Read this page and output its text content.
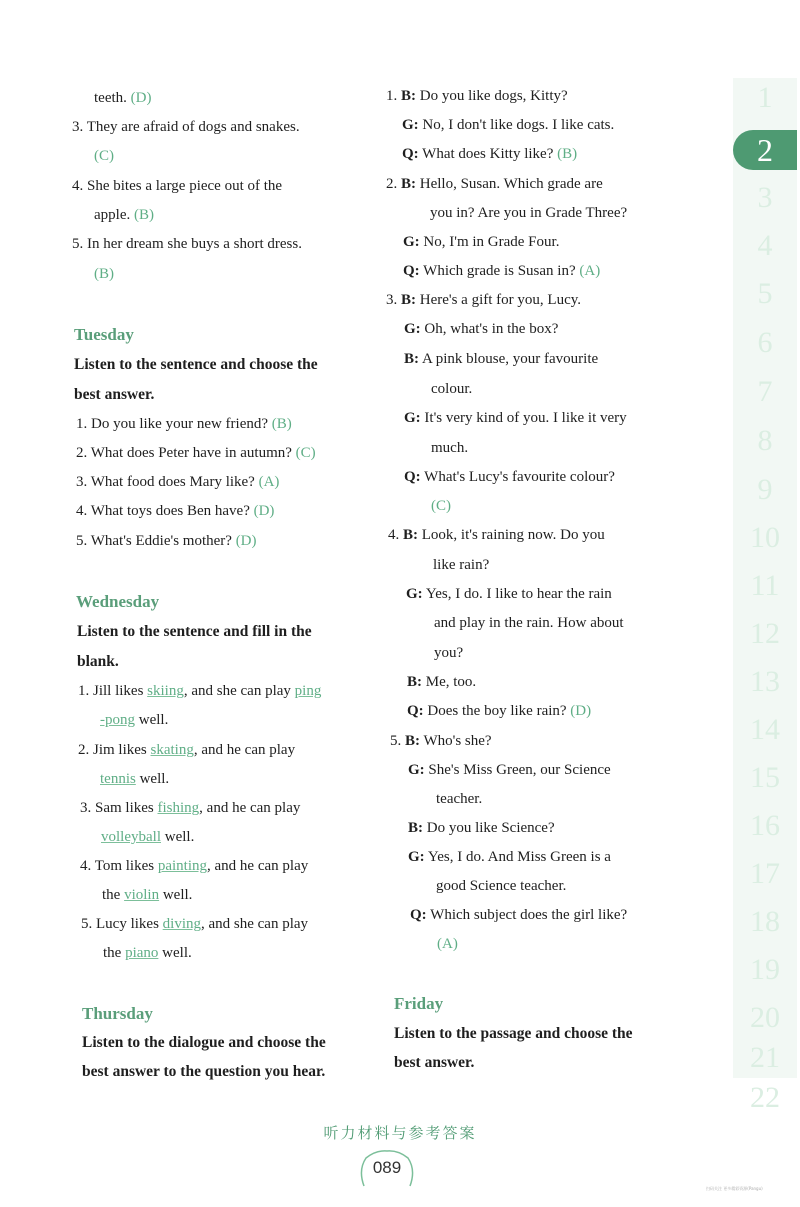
teeth. (D)
3. They are afraid of dogs and snakes.
(C)
4. She bites a large piece out of the
apple. (B)
5. In her dream she buys a short dress.
(B)
Tuesday
Listen to the sentence and choose the
best answer.
1. Do you like your new friend? (B)
2. What does Peter have in autumn? (C)
3. What food does Mary like? (A)
4. What toys does Ben have? (D)
5. What's Eddie's mother? (D)
Wednesday
Listen to the sentence and fill in the
blank.
1. Jill likes skiing, and she can play ping
-pong well.
2. Jim likes skating, and he can play
tennis well.
3. Sam likes fishing, and he can play
volleyball well.
4. Tom likes painting, and he can play
the violin well.
5. Lucy likes diving, and she can play
the piano well.
Thursday
Listen to the dialogue and choose the
best answer to the question you hear.
1. B: Do you like dogs, Kitty?
G: No, I don't like dogs. I like cats.
Q: What does Kitty like? (B)
2. B: Hello, Susan. Which grade are
you in? Are you in Grade Three?
G: No, I'm in Grade Four.
Q: Which grade is Susan in? (A)
3. B: Here's a gift for you, Lucy.
G: Oh, what's in the box?
B: A pink blouse, your favourite
colour.
G: It's very kind of you. I like it very
much.
Q: What's Lucy's favourite colour?
(C)
4. B: Look, it's raining now. Do you
like rain?
G: Yes, I do. I like to hear the rain
and play in the rain. How about
you?
B: Me, too.
Q: Does the boy like rain? (D)
5. B: Who's she?
G: She's Miss Green, our Science
teacher.
B: Do you like Science?
G: Yes, I do. And Miss Green is a
good Science teacher.
Q: Which subject does the girl like?
(A)
Friday
Listen to the passage and choose the
best answer.
1
2
3
4
5
6
7
8
9
10
11
12
13
14
15
16
17
18
19
20
21
22
听力材料与参考答案
089
扫码关注 更多精彩资源(Pangu)
